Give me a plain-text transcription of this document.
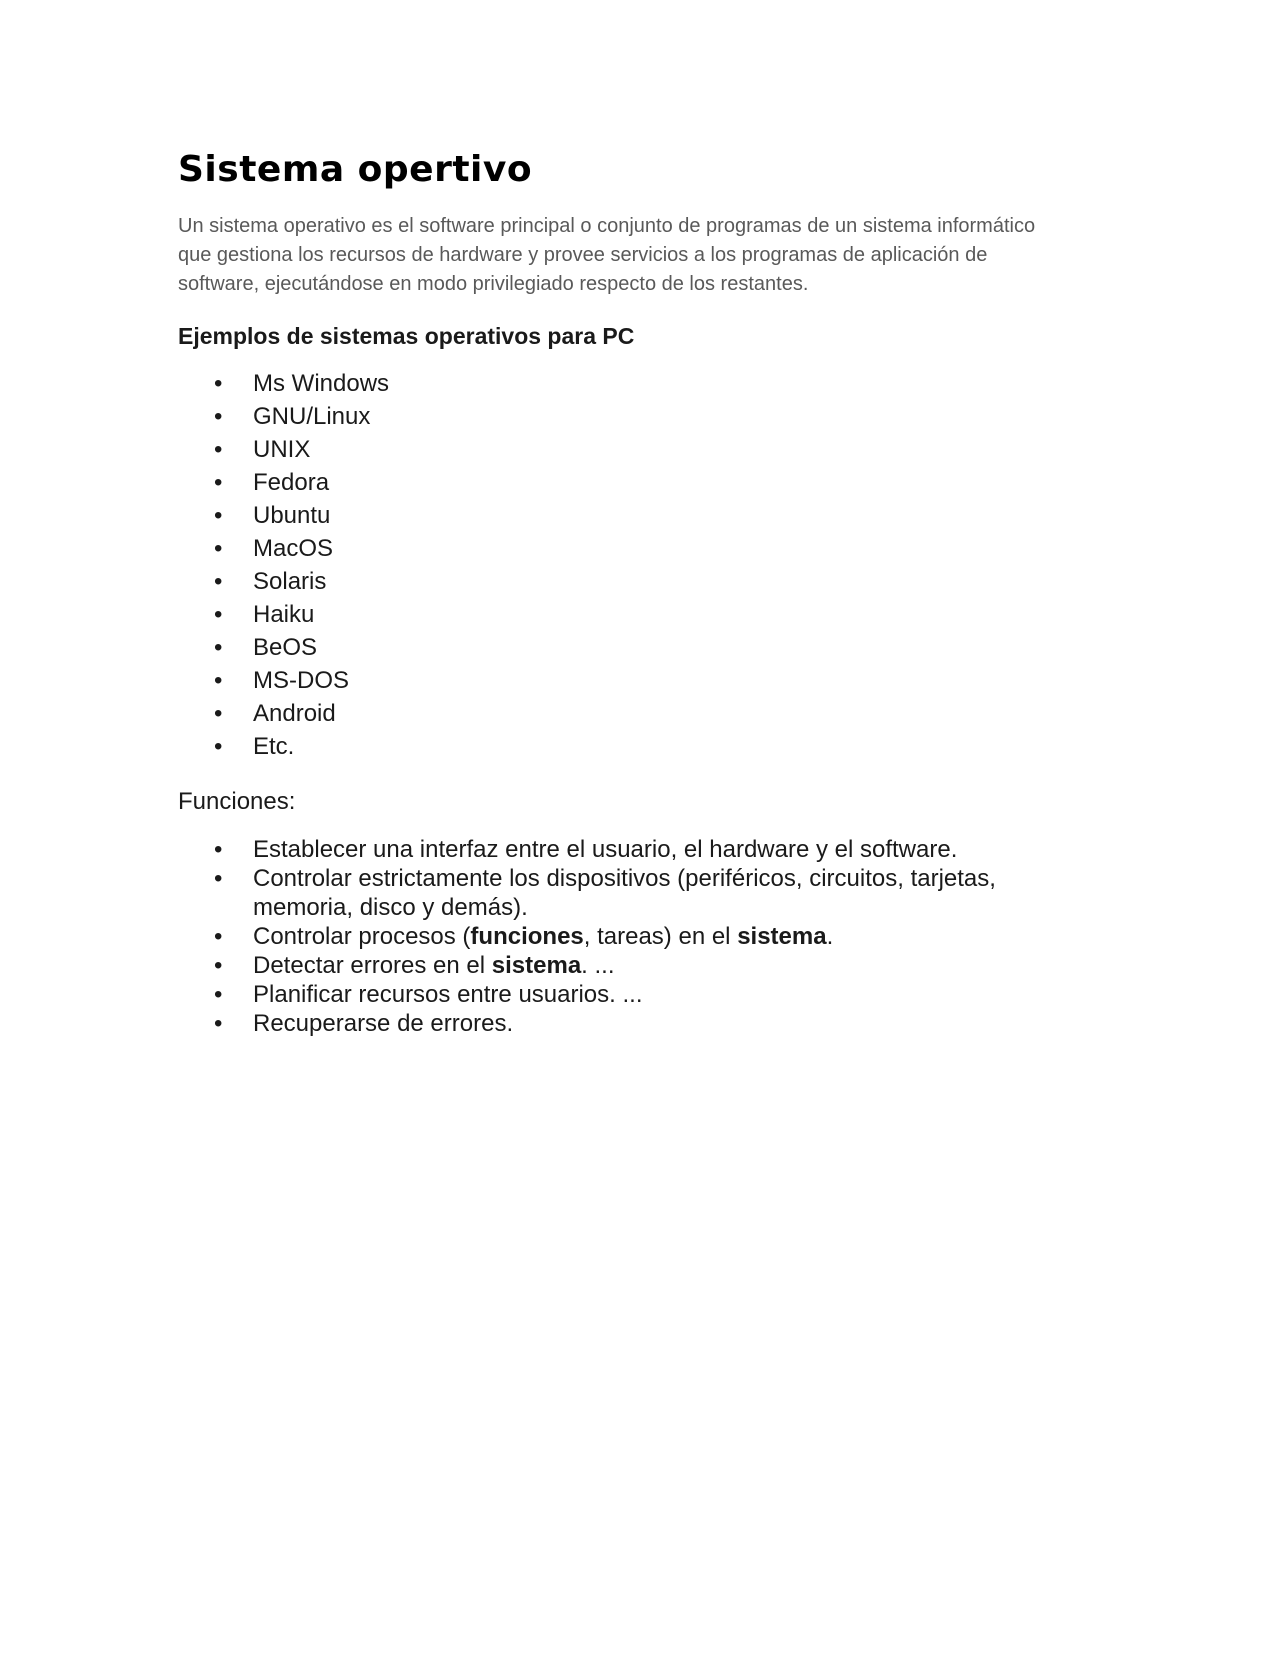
Sistema opertivo

Un sistema operativo es el software principal o conjunto de programas de un sistema informático que gestiona los recursos de hardware y provee servicios a los programas de aplicación de software, ejecutándose en modo privilegiado respecto de los restantes.

Ejemplos de sistemas operativos para PC
• Ms Windows
• GNU/Linux
• UNIX
• Fedora
• Ubuntu
• MacOS
• Solaris
• Haiku
• BeOS
• MS-DOS
• Android
• Etc.

Funciones:

• Establecer una interfaz entre el usuario, el hardware y el software.
• Controlar estrictamente los dispositivos (periféricos, circuitos, tarjetas, memoria, disco y demás).
• Controlar procesos (funciones, tareas) en el sistema.
• Detectar errores en el sistema. ...
• Planificar recursos entre usuarios. ...
• Recuperarse de errores.
